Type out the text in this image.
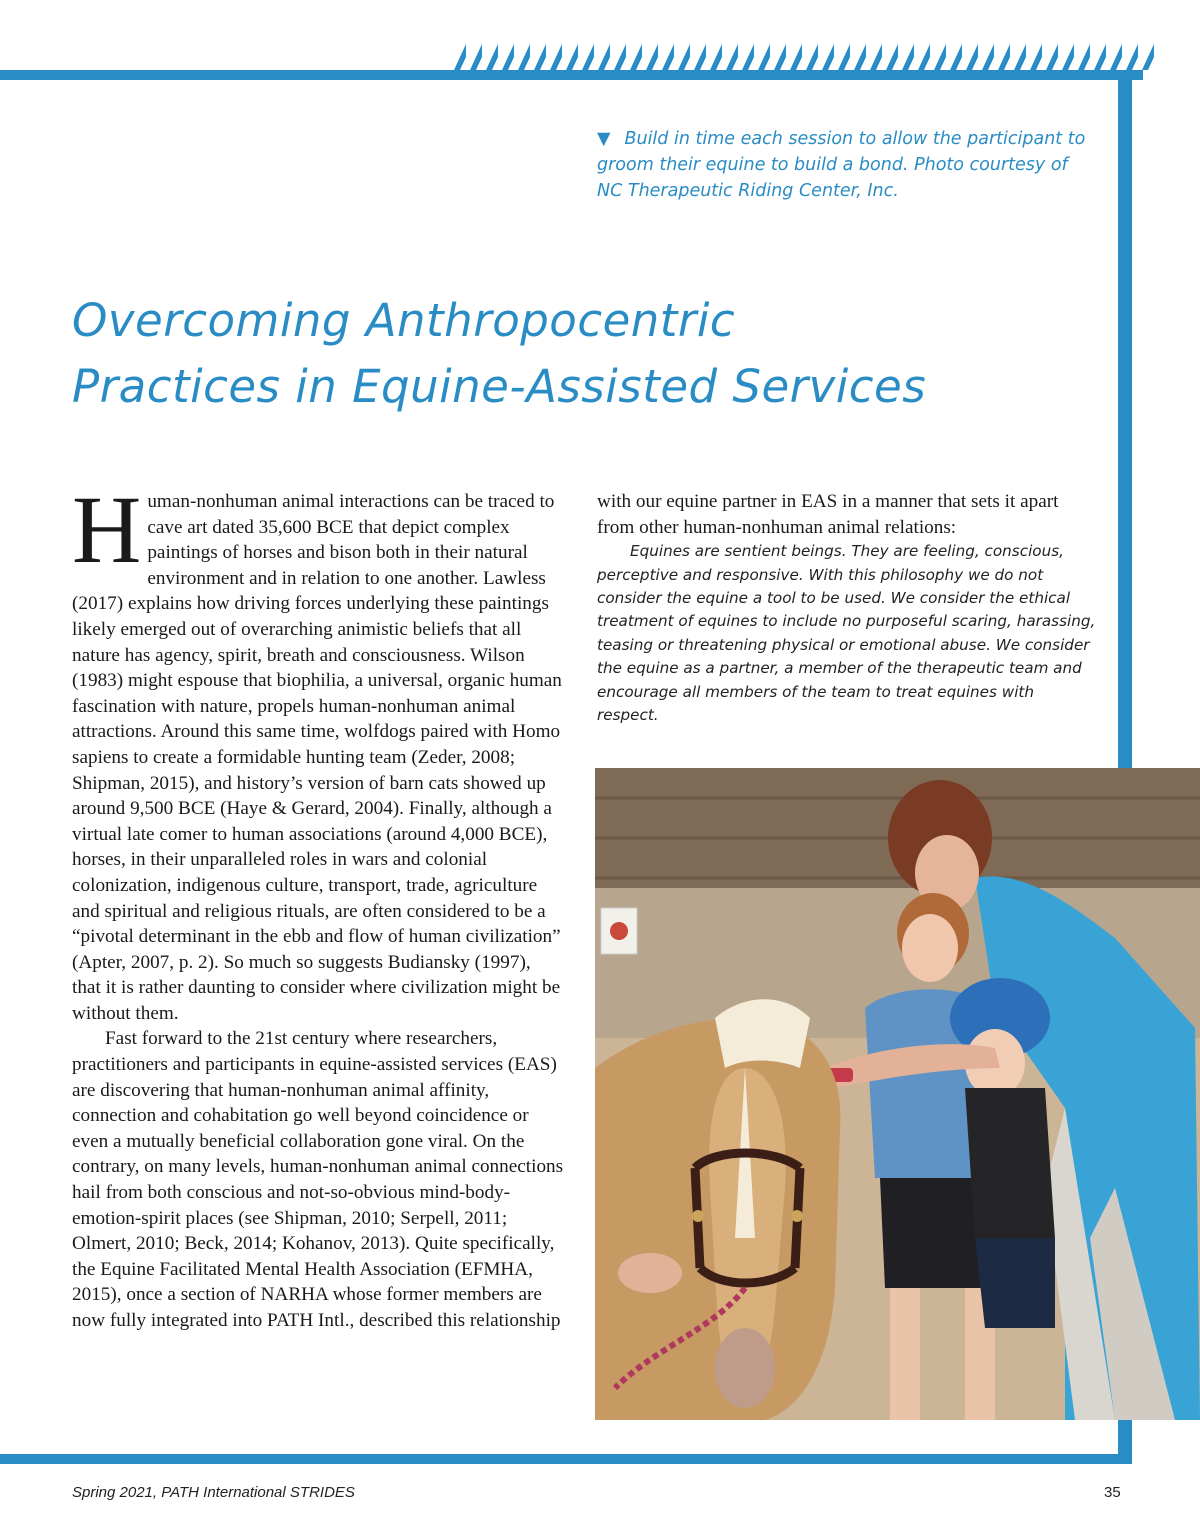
▼ Build in time each session to allow the participant to groom their equine to build a bond. Photo courtesy of NC Therapeutic Riding Center, Inc.
Overcoming Anthropocentric
Practices in Equine-Assisted Services

Human-nonhuman animal interactions can be traced to cave art dated 35,600 BCE that depict complex paintings of horses and bison both in their natural environment and in relation to one another. Lawless (2017) explains how driving forces underlying these paintings likely emerged out of overarching animistic beliefs that all nature has agency, spirit, breath and consciousness. Wilson (1983) might espouse that biophilia, a universal, organic human fascination with nature, propels human-nonhuman animal attractions. Around this same time, wolfdogs paired with Homo sapiens to create a formidable hunting team (Zeder, 2008; Shipman, 2015), and history’s version of barn cats showed up around 9,500 BCE (Haye & Gerard, 2004). Finally, although a virtual late comer to human associations (around 4,000 BCE), horses, in their unparalleled roles in wars and colonial colonization, indigenous culture, transport, trade, agriculture and spiritual and religious rituals, are often considered to be a “pivotal determinant in the ebb and flow of human civilization” (Apter, 2007, p. 2). So much so suggests Budiansky (1997), that it is rather daunting to consider where civilization might be without them.

Fast forward to the 21st century where researchers, practitioners and participants in equine-assisted services (EAS) are discovering that human-nonhuman animal affinity, connection and cohabitation go well beyond coincidence or even a mutually beneficial collaboration gone viral. On the contrary, on many levels, human-nonhuman animal connections hail from both conscious and not-so-obvious mind-body-emotion-spirit places (see Shipman, 2010; Serpell, 2011; Olmert, 2010; Beck, 2014; Kohanov, 2013). Quite specifically, the Equine Facilitated Mental Health Association (EFMHA, 2015), once a section of NARHA whose former members are now fully integrated into PATH Intl., described this relationship

with our equine partner in EAS in a manner that sets it apart from other human-nonhuman animal relations:

Equines are sentient beings. They are feeling, conscious, perceptive and responsive. With this philosophy we do not consider the equine a tool to be used. We consider the ethical treatment of equines to include no purposeful scaring, harassing, teasing or threatening physical or emotional abuse. We consider the equine as a partner, a member of the therapeutic team and encourage all members of the team to treat equines with respect.

Spring 2021, PATH International STRIDES	35
